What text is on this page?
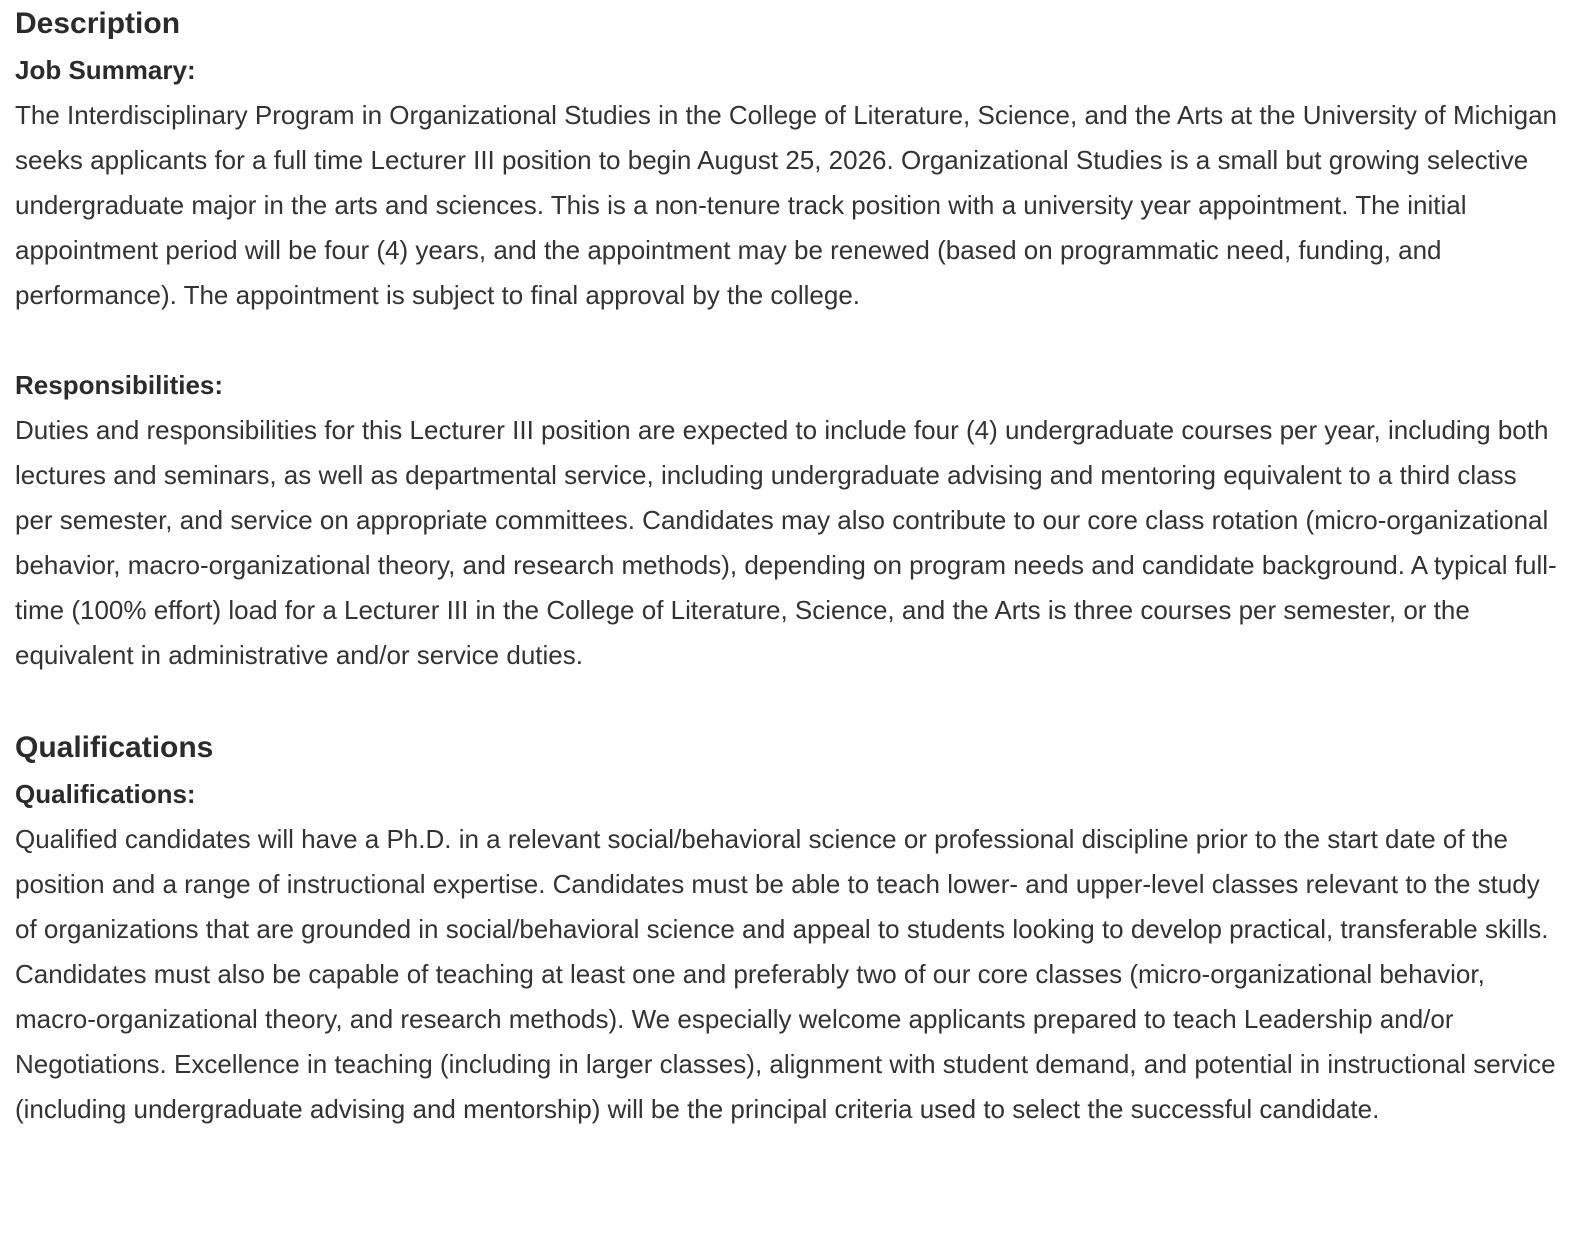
Description
Job Summary:

The Interdisciplinary Program in Organizational Studies in the College of Literature, Science, and the Arts at the University of Michigan seeks applicants for a full time Lecturer III position to begin August 25, 2026. Organizational Studies is a small but growing selective undergraduate major in the arts and sciences. This is a non-tenure track position with a university year appointment. The initial appointment period will be four (4) years, and the appointment may be renewed (based on programmatic need, funding, and performance). The appointment is subject to final approval by the college.

Responsibilities:

Duties and responsibilities for this Lecturer III position are expected to include four (4) undergraduate courses per year, including both lectures and seminars, as well as departmental service, including undergraduate advising and mentoring equivalent to a third class per semester, and service on appropriate committees. Candidates may also contribute to our core class rotation (micro-organizational behavior, macro-organizational theory, and research methods), depending on program needs and candidate background. A typical full-time (100% effort) load for a Lecturer III in the College of Literature, Science, and the Arts is three courses per semester, or the equivalent in administrative and/or service duties.

Qualifications
Qualifications:

Qualified candidates will have a Ph.D. in a relevant social/behavioral science or professional discipline prior to the start date of the position and a range of instructional expertise. Candidates must be able to teach lower- and upper-level classes relevant to the study of organizations that are grounded in social/behavioral science and appeal to students looking to develop practical, transferable skills. Candidates must also be capable of teaching at least one and preferably two of our core classes (micro-organizational behavior, macro-organizational theory, and research methods). We especially welcome applicants prepared to teach Leadership and/or Negotiations. Excellence in teaching (including in larger classes), alignment with student demand, and potential in instructional service (including undergraduate advising and mentorship) will be the principal criteria used to select the successful candidate.
